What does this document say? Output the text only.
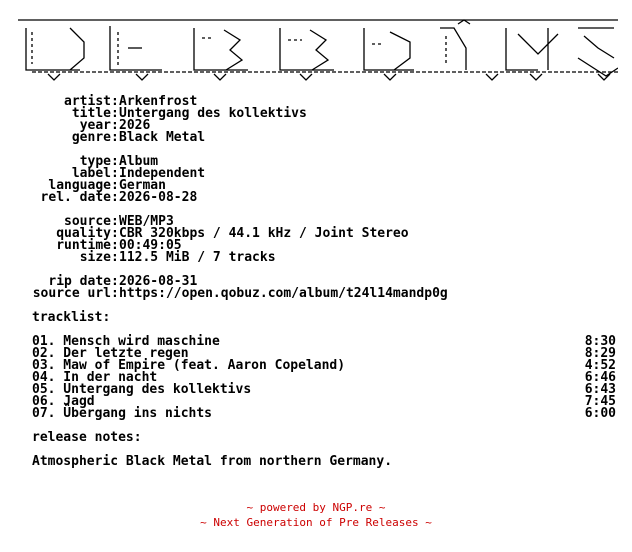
artist : Arkenfrost
title : Untergang des kollektivs
year : 2026
genre : Black Metal
type : Album
label : Independent
language : German
rel. date : 2026-08-28
source : WEB/MP3
quality : CBR 320kbps / 44.1 kHz / Joint Stereo
runtime : 00:49:05
size : 112.5 MiB / 7 tracks
rip date : 2026-08-31
source url : https://open.qobuz.com/album/t24l14mandp0g
tracklist:
01. Mensch wird maschine	8:30
02. Der letzte regen	8:29
03. Maw of Empire (feat. Aaron Copeland)	4:52
04. In der nacht	6:46
05. Untergang des kollektivs	6:43
06. Jagd	7:45
07. Übergang ins nichts	6:00
release notes:
Atmospheric Black Metal from northern Germany.
~ powered by NGP.re ~
~ Next Generation of Pre Releases ~
